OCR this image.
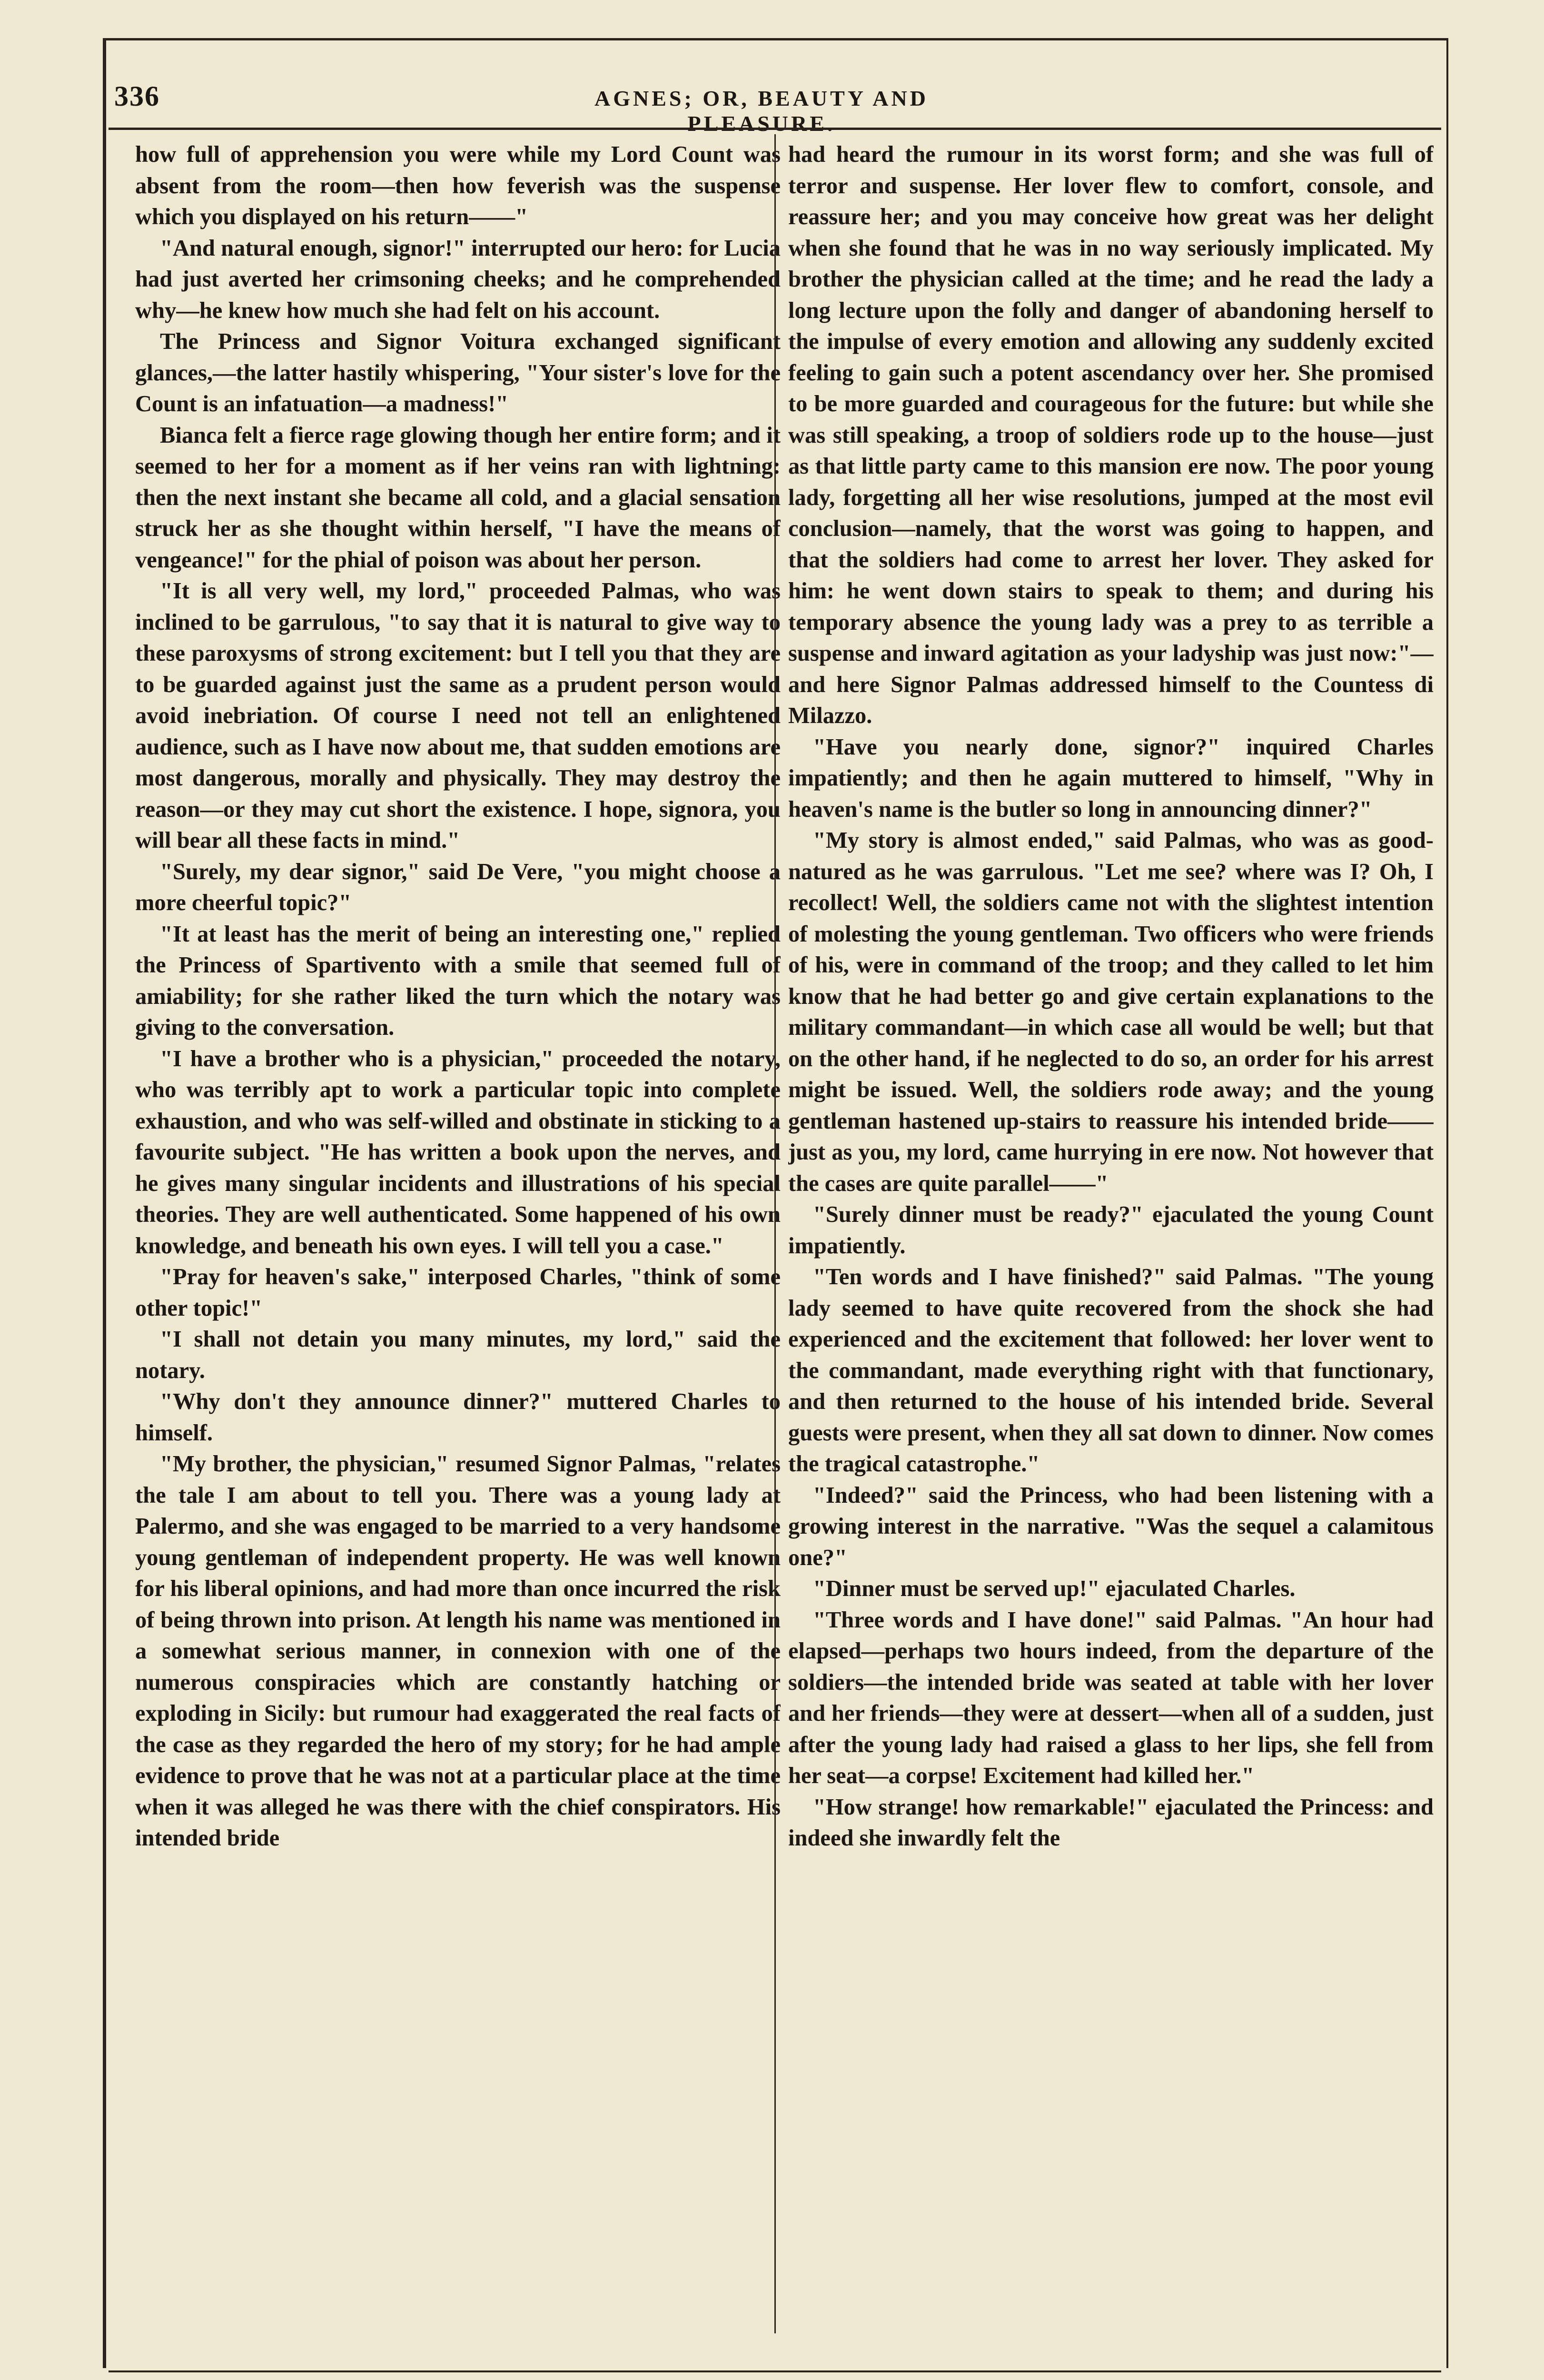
336	AGNES; OR, BEAUTY AND PLEASURE.

how full of apprehension you were while my Lord Count was absent from the room—then how feverish was the suspense which you displayed on his return——"

"And natural enough, signor!" interrupted our hero: for Lucia had just averted her crimsoning cheeks; and he comprehended why—he knew how much she had felt on his account.

The Princess and Signor Voitura exchanged significant glances,—the latter hastily whispering, "Your sister's love for the Count is an infatuation—a madness!"

Bianca felt a fierce rage glowing though her entire form; and it seemed to her for a moment as if her veins ran with lightning: then the next instant she became all cold, and a glacial sensation struck her as she thought within herself, "I have the means of vengeance!" for the phial of poison was about her person.

"It is all very well, my lord," proceeded Palmas, who was inclined to be garrulous, "to say that it is natural to give way to these paroxysms of strong excitement: but I tell you that they are to be guarded against just the same as a prudent person would avoid inebriation. Of course I need not tell an enlightened audience, such as I have now about me, that sudden emotions are most dangerous, morally and physically. They may destroy the reason—or they may cut short the existence. I hope, signora, you will bear all these facts in mind."

"Surely, my dear signor," said De Vere, "you might choose a more cheerful topic?"

"It at least has the merit of being an interesting one," replied the Princess of Spartivento with a smile that seemed full of amiability; for she rather liked the turn which the notary was giving to the conversation.

"I have a brother who is a physician," proceeded the notary, who was terribly apt to work a particular topic into complete exhaustion, and who was self-willed and obstinate in sticking to a favourite subject. "He has written a book upon the nerves, and he gives many singular incidents and illustrations of his special theories. They are well authenticated. Some happened of his own knowledge, and beneath his own eyes. I will tell you a case."

"Pray for heaven's sake," interposed Charles, "think of some other topic!"

"I shall not detain you many minutes, my lord," said the notary.

"Why don't they announce dinner?" muttered Charles to himself.

"My brother, the physician," resumed Signor Palmas, "relates the tale I am about to tell you. There was a young lady at Palermo, and she was engaged to be married to a very handsome young gentleman of independent property. He was well known for his liberal opinions, and had more than once incurred the risk of being thrown into prison. At length his name was mentioned in a somewhat serious manner, in connexion with one of the numerous conspiracies which are constantly hatching or exploding in Sicily: but rumour had exaggerated the real facts of the case as they regarded the hero of my story; for he had ample evidence to prove that he was not at a particular place at the time when it was alleged he was there with the chief conspirators. His intended bride

had heard the rumour in its worst form; and she was full of terror and suspense. Her lover flew to comfort, console, and reassure her; and you may conceive how great was her delight when she found that he was in no way seriously implicated. My brother the physician called at the time; and he read the lady a long lecture upon the folly and danger of abandoning herself to the impulse of every emotion and allowing any suddenly excited feeling to gain such a potent ascendancy over her. She promised to be more guarded and courageous for the future: but while she was still speaking, a troop of soldiers rode up to the house—just as that little party came to this mansion ere now. The poor young lady, forgetting all her wise resolutions, jumped at the most evil conclusion—namely, that the worst was going to happen, and that the soldiers had come to arrest her lover. They asked for him: he went down stairs to speak to them; and during his temporary absence the young lady was a prey to as terrible a suspense and inward agitation as your ladyship was just now:"—and here Signor Palmas addressed himself to the Countess di Milazzo.

"Have you nearly done, signor?" inquired Charles impatiently; and then he again muttered to himself, "Why in heaven's name is the butler so long in announcing dinner?"

"My story is almost ended," said Palmas, who was as good-natured as he was garrulous. "Let me see? where was I? Oh, I recollect! Well, the soldiers came not with the slightest intention of molesting the young gentleman. Two officers who were friends of his, were in command of the troop; and they called to let him know that he had better go and give certain explanations to the military commandant—in which case all would be well; but that on the other hand, if he neglected to do so, an order for his arrest might be issued. Well, the soldiers rode away; and the young gentleman hastened up-stairs to reassure his intended bride——just as you, my lord, came hurrying in ere now. Not however that the cases are quite parallel——"

"Surely dinner must be ready?" ejaculated the young Count impatiently.

"Ten words and I have finished?" said Palmas. "The young lady seemed to have quite recovered from the shock she had experienced and the excitement that followed: her lover went to the commandant, made everything right with that functionary, and then returned to the house of his intended bride. Several guests were present, when they all sat down to dinner. Now comes the tragical catastrophe."

"Indeed?" said the Princess, who had been listening with a growing interest in the narrative. "Was the sequel a calamitous one?"

"Dinner must be served up!" ejaculated Charles.

"Three words and I have done!" said Palmas. "An hour had elapsed—perhaps two hours indeed, from the departure of the soldiers—the intended bride was seated at table with her lover and her friends—they were at dessert—when all of a sudden, just after the young lady had raised a glass to her lips, she fell from her seat—a corpse! Excitement had killed her."

"How strange! how remarkable!" ejaculated the Princess: and indeed she inwardly felt the
